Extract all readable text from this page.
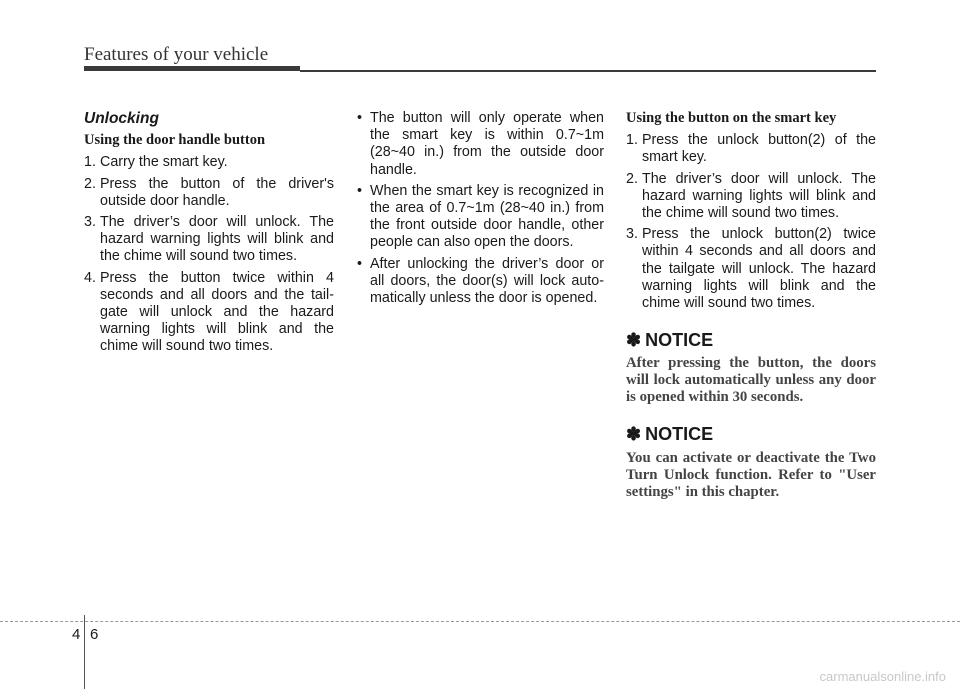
Features of your vehicle
Unlocking
Using the door handle button
1. Carry the smart key.
2. Press the button of the driver's outside door handle.
3. The driver’s door will unlock. The hazard warning lights will blink and the chime will sound two times.
4. Press the button twice within 4 seconds and all doors and the tail-gate will unlock and the hazard warning lights will blink and the chime will sound two times.
• The button will only operate when the smart key is within 0.7~1m (28~40 in.) from the outside door handle.
• When the smart key is recognized in the area of 0.7~1m (28~40 in.) from the front outside door handle, other people can also open the doors.
• After unlocking the driver’s door or all doors, the door(s) will lock auto-matically unless the door is opened.
Using the button on the smart key
1. Press the unlock button(2) of the smart key.
2. The driver’s door will unlock. The hazard warning lights will blink and the chime will sound two times.
3. Press the unlock button(2) twice within 4 seconds and all doors and the tailgate will unlock. The hazard warning lights will blink and the chime will sound two times.
✽ NOTICE
After pressing the button, the doors will lock automatically unless any door is opened within 30 seconds.
✽ NOTICE
You can activate or deactivate the Two Turn Unlock function. Refer to "User settings" in this chapter.
4 6
carmanualsonline.info
